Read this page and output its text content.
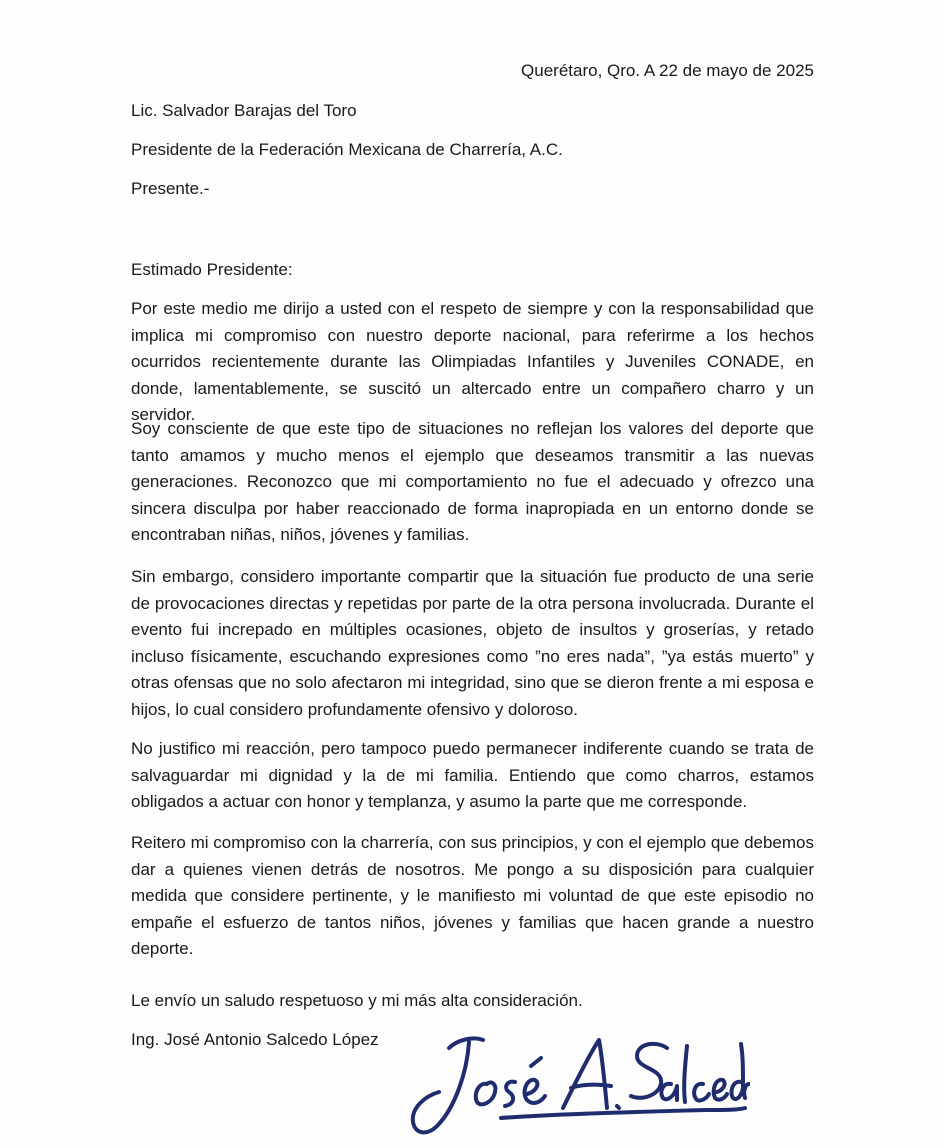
Querétaro, Qro. A 22 de mayo de 2025
Lic. Salvador Barajas del Toro
Presidente de la Federación Mexicana de Charrería, A.C.
Presente.-
Estimado Presidente:

Por este medio me dirijo a usted con el respeto de siempre y con la responsabilidad que implica mi compromiso con nuestro deporte nacional, para referirme a los hechos ocurridos recientemente durante las Olimpiadas Infantiles y Juveniles CONADE, en donde, lamentablemente, se suscitó un altercado entre un compañero charro y un servidor.

Soy consciente de que este tipo de situaciones no reflejan los valores del deporte que tanto amamos y mucho menos el ejemplo que deseamos transmitir a las nuevas generaciones. Reconozco que mi comportamiento no fue el adecuado y ofrezco una sincera disculpa por haber reaccionado de forma inapropiada en un entorno donde se encontraban niñas, niños, jóvenes y familias.

Sin embargo, considero importante compartir que la situación fue producto de una serie de provocaciones directas y repetidas por parte de la otra persona involucrada. Durante el evento fui increpado en múltiples ocasiones, objeto de insultos y groserías, y retado incluso físicamente, escuchando expresiones como ”no eres nada”, ”ya estás muerto” y otras ofensas que no solo afectaron mi integridad, sino que se dieron frente a mi esposa e hijos, lo cual considero profundamente ofensivo y doloroso.

No justifico mi reacción, pero tampoco puedo permanecer indiferente cuando se trata de salvaguardar mi dignidad y la de mi familia. Entiendo que como charros, estamos obligados a actuar con honor y templanza, y asumo la parte que me corresponde.

Reitero mi compromiso con la charrería, con sus principios, y con el ejemplo que debemos dar a quienes vienen detrás de nosotros. Me pongo a su disposición para cualquier medida que considere pertinente, y le manifiesto mi voluntad de que este episodio no empañe el esfuerzo de tantos niños, jóvenes y familias que hacen grande a nuestro deporte.

Le envío un saludo respetuoso y mi más alta consideración.
Ing. José Antonio Salcedo López
